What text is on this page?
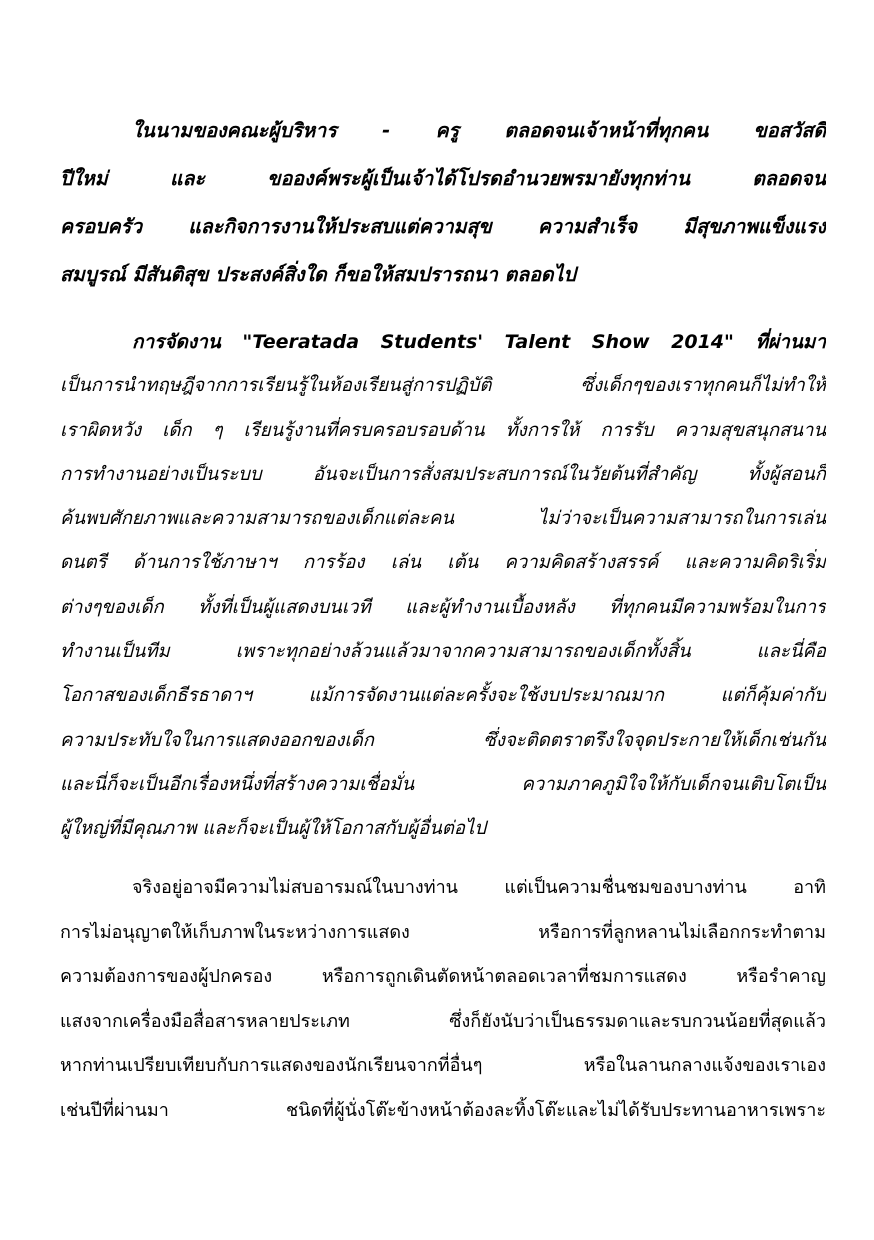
ในนามของคณะผู้บริหาร - ครู ตลอดจนเจ้าหน้าที่ทุกคน ขอสวัสดี
ปีใหม่ และ ขอองค์พระผู้เป็นเจ้าได้โปรดอำนวยพรมายังทุกท่าน ตลอดจน
ครอบครัว และกิจการงานให้ประสบแต่ความสุข ความสำเร็จ มีสุขภาพแข็งแรง
สมบูรณ์ มีสันติสุข ประสงค์สิ่งใด ก็ขอให้สมปรารถนา ตลอดไป
การจัดงาน "Teeratada Students' Talent Show 2014" ที่ผ่านมา
เป็นการนำทฤษฎีจากการเรียนรู้ในห้องเรียนสู่การปฏิบัติ ซึ่งเด็กๆของเราทุกคนก็ไม่ทำให้
เราผิดหวัง เด็ก ๆ เรียนรู้งานที่ครบครอบรอบด้าน ทั้งการให้ การรับ ความสุขสนุกสนาน
การทำงานอย่างเป็นระบบ อันจะเป็นการสั่งสมประสบการณ์ในวัยต้นที่สำคัญ ทั้งผู้สอนก็
ค้นพบศักยภาพและความสามารถของเด็กแต่ละคน ไม่ว่าจะเป็นความสามารถในการเล่น
ดนตรี ด้านการใช้ภาษาฯ การร้อง เล่น เต้น ความคิดสร้างสรรค์ และความคิดริเริ่ม
ต่างๆของเด็ก ทั้งที่เป็นผู้แสดงบนเวที และผู้ทำงานเบื้องหลัง ที่ทุกคนมีความพร้อมในการ
ทำงานเป็นทีม เพราะทุกอย่างล้วนแล้วมาจากความสามารถของเด็กทั้งสิ้น และนี่คือ
โอกาสของเด็กธีรธาดาฯ แม้การจัดงานแต่ละครั้งจะใช้งบประมาณมาก แต่ก็คุ้มค่ากับ
ความประทับใจในการแสดงออกของเด็ก ซึ่งจะติดตราตรึงใจจุดประกายให้เด็กเช่นกัน
และนี่ก็จะเป็นอีกเรื่องหนึ่งที่สร้างความเชื่อมั่น ความภาคภูมิใจให้กับเด็กจนเติบโตเป็น
ผู้ใหญ่ที่มีคุณภาพ และก็จะเป็นผู้ให้โอกาสกับผู้อื่นต่อไป
จริงอยู่อาจมีความไม่สบอารมณ์ในบางท่าน แต่เป็นความชื่นชมของบางท่าน อาทิ
การไม่อนุญาตให้เก็บภาพในระหว่างการแสดง หรือการที่ลูกหลานไม่เลือกกระทำตาม
ความต้องการของผู้ปกครอง หรือการถูกเดินตัดหน้าตลอดเวลาที่ชมการแสดง หรือรำคาญ
แสงจากเครื่องมือสื่อสารหลายประเภท ซึ่งก็ยังนับว่าเป็นธรรมดาและรบกวนน้อยที่สุดแล้ว
หากท่านเปรียบเทียบกับการแสดงของนักเรียนจากที่อื่นๆ หรือในลานกลางแจ้งของเราเอง
เช่นปีที่ผ่านมา ชนิดที่ผู้นั่งโต๊ะข้างหน้าต้องละทิ้งโต๊ะและไม่ได้รับประทานอาหารเพราะ
